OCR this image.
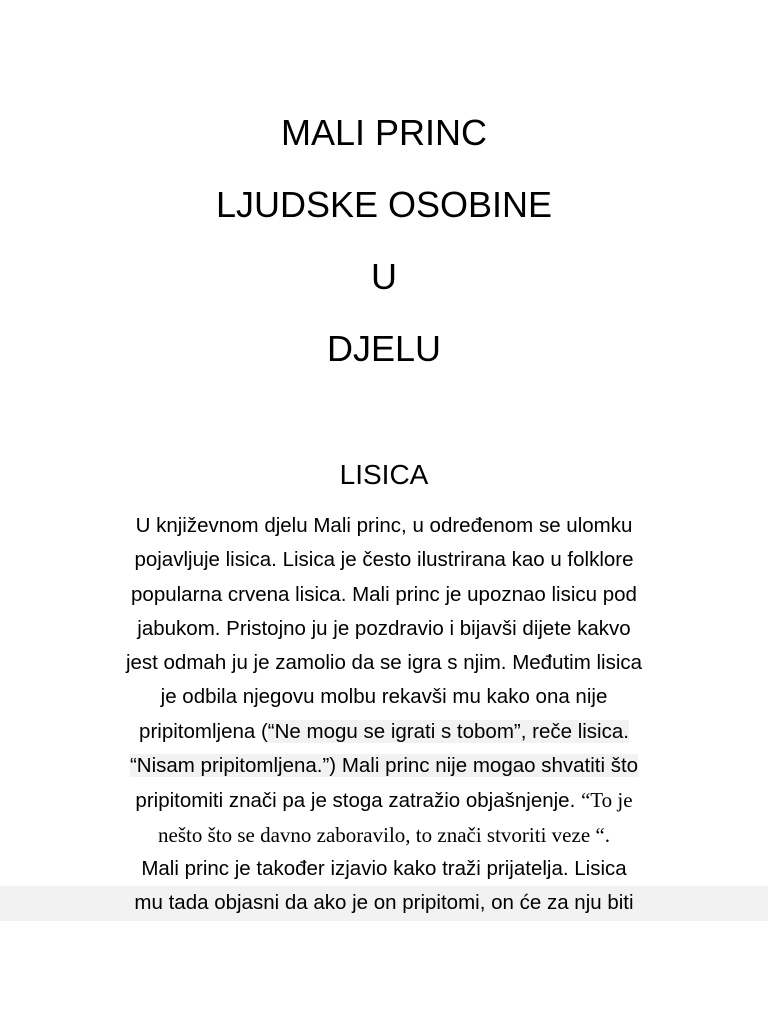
MALI PRINC
LJUDSKE OSOBINE
U
DJELU
LISICA
U književnom djelu Mali princ, u određenom se ulomku
pojavljuje lisica. Lisica je često ilustrirana kao u folklore
popularna crvena lisica. Mali princ je upoznao lisicu pod
jabukom. Pristojno ju je pozdravio i bijavši dijete kakvo
jest odmah ju je zamolio da se igra s njim. Međutim lisica
je odbila njegovu molbu rekavši mu kako ona nije
pripitomljena (“Ne mogu se igrati s tobom”, reče lisica.
“Nisam pripitomljena.”) Mali princ nije mogao shvatiti što
pripitomiti znači pa je stoga zatražio objašnjenje. “To je
nešto što se davno zaboravilo, to znači stvoriti veze “.
Mali princ je također izjavio kako traži prijatelja. Lisica
mu tada objasni da ako je on pripitomi, on će za nju biti
